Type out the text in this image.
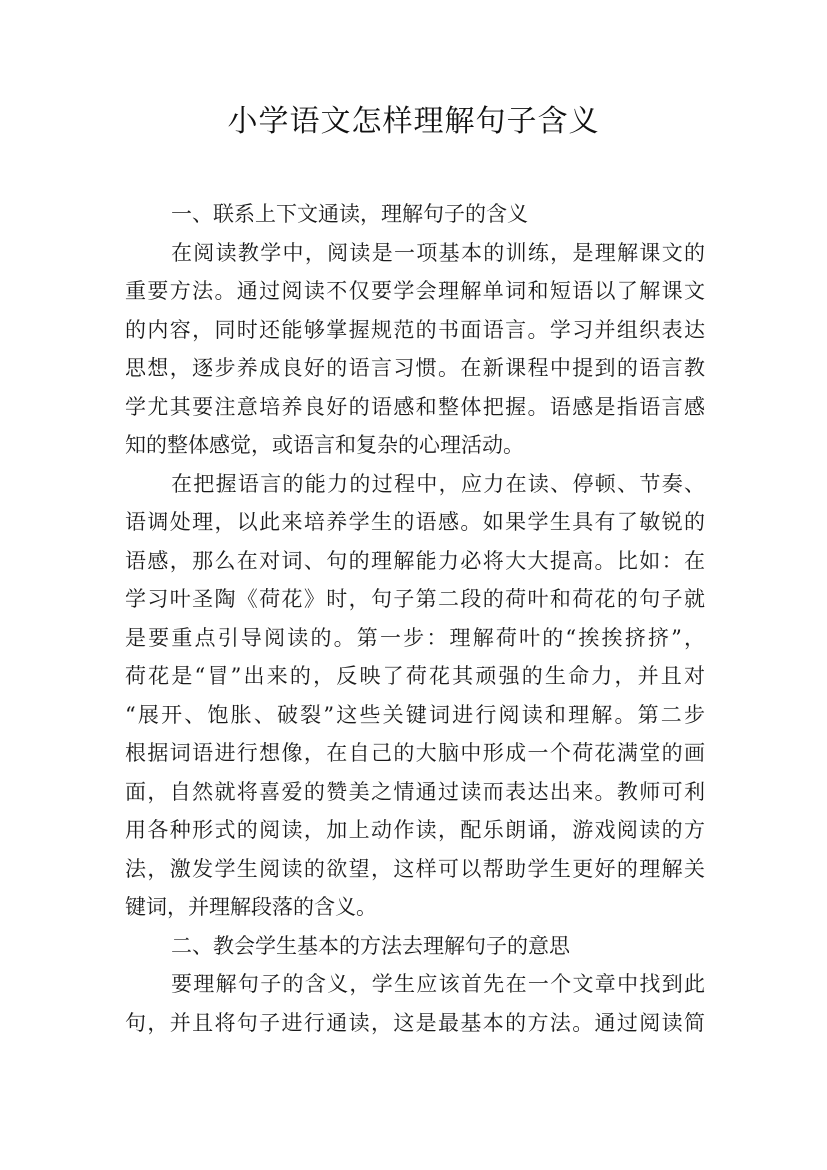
小学语文怎样理解句子含义
一、联系上下文通读，理解句子的含义
在阅读教学中，阅读是一项基本的训练，是理解课文的
重要方法。通过阅读不仅要学会理解单词和短语以了解课文
的内容，同时还能够掌握规范的书面语言。学习并组织表达
思想，逐步养成良好的语言习惯。在新课程中提到的语言教
学尤其要注意培养良好的语感和整体把握。语感是指语言感
知的整体感觉，或语言和复杂的心理活动。
在把握语言的能力的过程中，应力在读、停顿、节奏、
语调处理，以此来培养学生的语感。如果学生具有了敏锐的
语感，那么在对词、句的理解能力必将大大提高。比如：在
学习叶圣陶《荷花》时，句子第二段的荷叶和荷花的句子就
是要重点引导阅读的。第一步：理解荷叶的“挨挨挤挤”，
荷花是“冒”出来的，反映了荷花其顽强的生命力，并且对
“展开、饱胀、破裂”这些关键词进行阅读和理解。第二步
根据词语进行想像，在自己的大脑中形成一个荷花满堂的画
面，自然就将喜爱的赞美之情通过读而表达出来。教师可利
用各种形式的阅读，加上动作读，配乐朗诵，游戏阅读的方
法，激发学生阅读的欲望，这样可以帮助学生更好的理解关
键词，并理解段落的含义。
二、教会学生基本的方法去理解句子的意思
要理解句子的含义，学生应该首先在一个文章中找到此
句，并且将句子进行通读，这是最基本的方法。通过阅读简
